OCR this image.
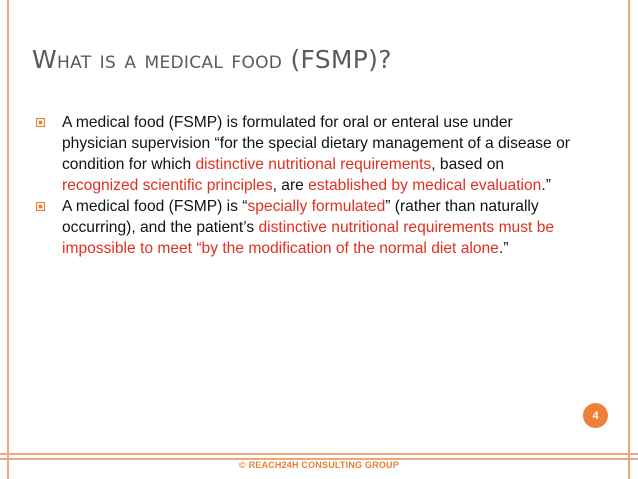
WHAT IS A MEDICAL FOOD (FSMP)?
A medical food (FSMP) is formulated for oral or enteral use under physician supervision “for the special dietary management of a disease or condition for which distinctive nutritional requirements, based on recognized scientific principles, are established by medical evaluation.”
A medical food (FSMP) is “specially formulated” (rather than naturally occurring), and the patient’s distinctive nutritional requirements must be impossible to meet “by the modification of the normal diet alone.”
4
© REACH24H CONSULTING GROUP
